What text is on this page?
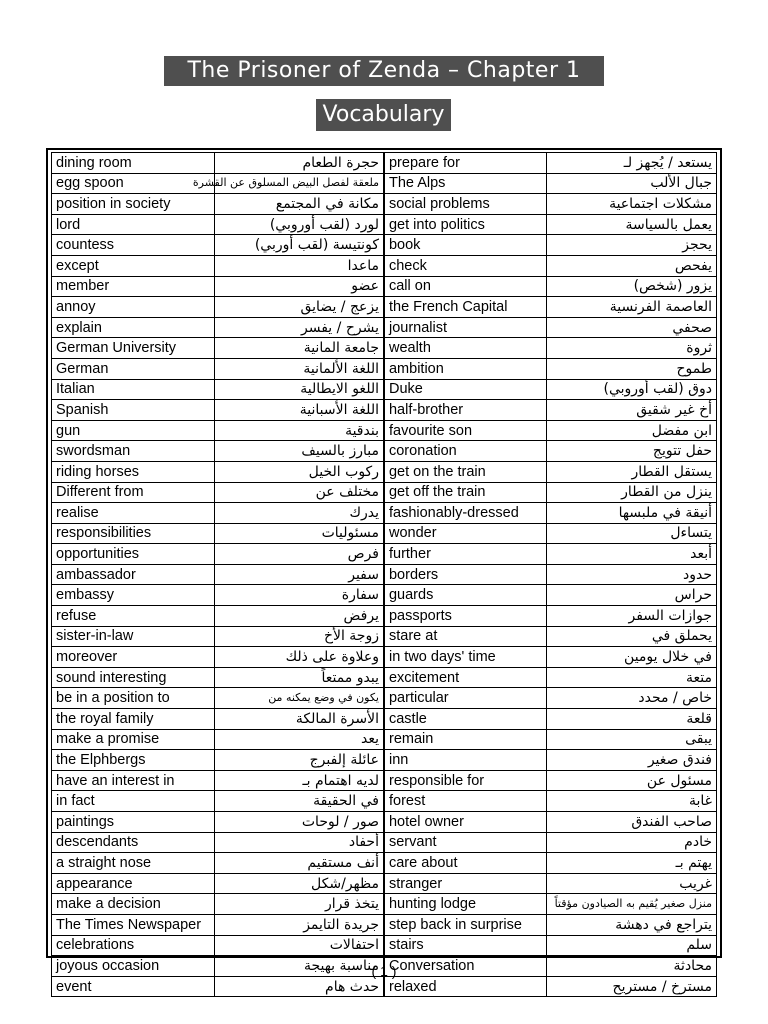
The Prisoner of Zenda – Chapter 1
Vocabulary
dining room	حجرة الطعام	prepare for	يستعد / يُجهز لـ
egg spoon	ملعقة لفصل البيض المسلوق عن القشرة	The Alps	جبال الألب
position in society	مكانة في المجتمع	social problems	مشكلات اجتماعية
lord	لورد (لقب أوروبي)	get into politics	يعمل بالسياسة
countess	كونتيسة (لقب أوربي)	book	يحجز
except	ماعدا	check	يفحص
member	عضو	call on	يزور (شخص)
annoy	يزعج / يضايق	the French Capital	العاصمة الفرنسية
explain	يشرح / يفسر	journalist	صحفي
German University	جامعة المانية	wealth	ثروة
German	اللغة الألمانية	ambition	طموح
Italian	اللغو الايطالية	Duke	دوق (لقب أوروبي)
Spanish	اللغة الأسبانية	half-brother	أخ غير شقيق
gun	بندقية	favourite son	ابن مفضل
swordsman	مبارز بالسيف	coronation	حفل تتويج
riding horses	ركوب الخيل	get on the train	يستقل القطار
Different from	مختلف عن	get off the train	ينزل من القطار
realise	يدرك	fashionably-dressed	أنيقة في ملبسها
responsibilities	مسئوليات	wonder	يتساءل
opportunities	فرص	further	أبعد
ambassador	سفير	borders	حدود
embassy	سفارة	guards	حراس
refuse	يرفض	passports	جوازات السفر
sister-in-law	زوجة الأخ	stare at	يحملق في
moreover	وعلاوة على ذلك	in two days' time	في خلال يومين
sound interesting	يبدو ممتعاً	excitement	متعة
be in a position to	يكون في وضع يمكنه من	particular	خاص / محدد
the royal family	الأسرة المالكة	castle	قلعة
make a promise	يعد	remain	يبقى
the Elphbergs	عائلة إلفبرج	inn	فندق صغير
have an interest in	لديه اهتمام بـ	responsible for	مسئول عن
in fact	في الحقيقة	forest	غابة
paintings	صور / لوحات	hotel owner	صاحب الفندق
descendants	أحفاد	servant	خادم
a straight nose	أنف مستقيم	care about	يهتم بـ
appearance	مظهر/شكل	stranger	غريب
make a decision	يتخذ قرار	hunting lodge	منزل صغير يُقيم به الصيادون مؤقتاً
The Times Newspaper	جريدة التايمز	step back in surprise	يتراجع في دهشة
celebrations	احتفالات	stairs	سلم
joyous occasion	مناسبة بهيجة	Conversation	محادثة
event	حدث هام	relaxed	مسترخ / مستريح
( 1 )
